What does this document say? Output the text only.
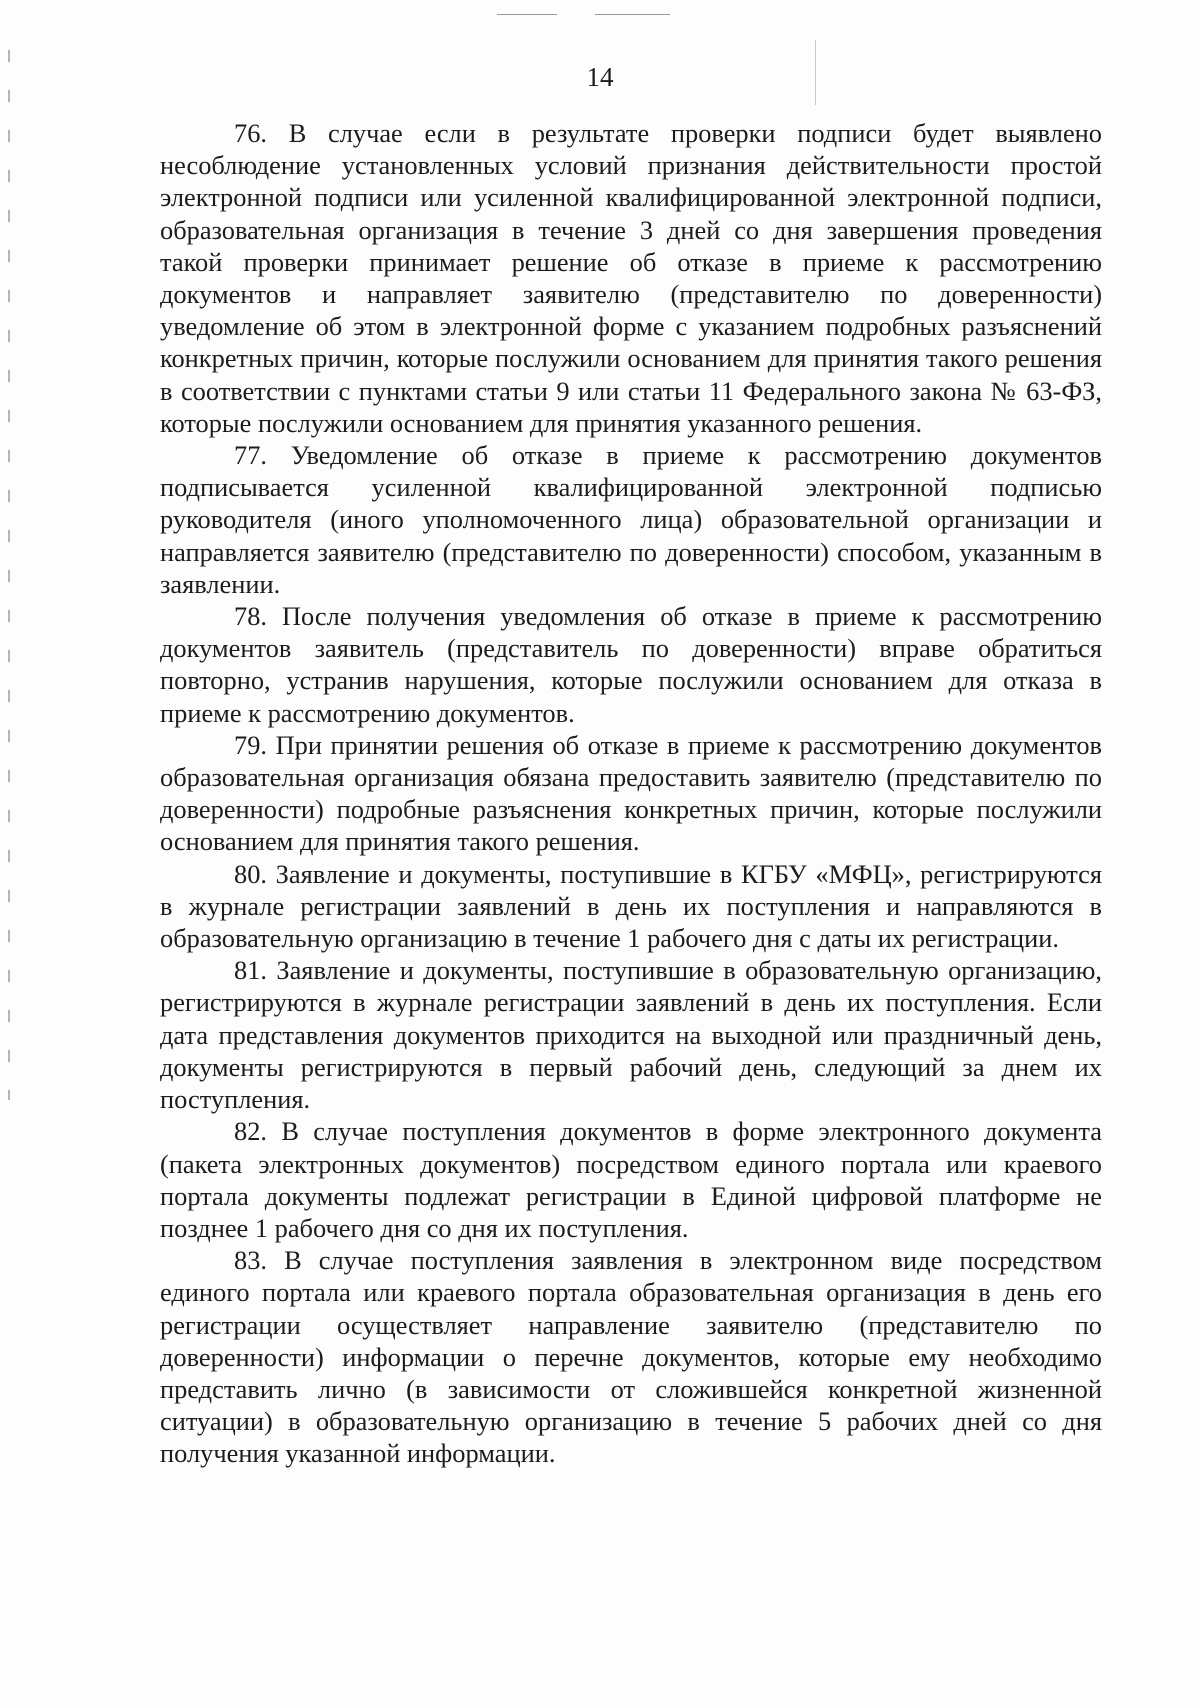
14

76. В случае если в результате проверки подписи будет выявлено несоблюдение установленных условий признания действительности простой электронной подписи или усиленной квалифицированной электронной подписи, образовательная организация в течение 3 дней со дня завершения проведения такой проверки принимает решение об отказе в приеме к рассмотрению документов и направляет заявителю (представителю по доверенности) уведомление об этом в электронной форме с указанием подробных разъяснений конкретных причин, которые послужили основанием для принятия такого решения в соответствии с пунктами статьи 9 или статьи 11 Федерального закона № 63-ФЗ, которые послужили основанием для принятия указанного решения.

77. Уведомление об отказе в приеме к рассмотрению документов подписывается усиленной квалифицированной электронной подписью руководителя (иного уполномоченного лица) образовательной организации и направляется заявителю (представителю по доверенности) способом, указанным в заявлении.

78. После получения уведомления об отказе в приеме к рассмотрению документов заявитель (представитель по доверенности) вправе обратиться повторно, устранив нарушения, которые послужили основанием для отказа в приеме к рассмотрению документов.

79. При принятии решения об отказе в приеме к рассмотрению документов образовательная организация обязана предоставить заявителю (представителю по доверенности) подробные разъяснения конкретных причин, которые послужили основанием для принятия такого решения.

80. Заявление и документы, поступившие в КГБУ «МФЦ», регистрируются в журнале регистрации заявлений в день их поступления и направляются в образовательную организацию в течение 1 рабочего дня с даты их регистрации.

81. Заявление и документы, поступившие в образовательную организацию, регистрируются в журнале регистрации заявлений в день их поступления. Если дата представления документов приходится на выходной или праздничный день, документы регистрируются в первый рабочий день, следующий за днем их поступления.

82. В случае поступления документов в форме электронного документа (пакета электронных документов) посредством единого портала или краевого портала документы подлежат регистрации в Единой цифровой платформе не позднее 1 рабочего дня со дня их поступления.

83. В случае поступления заявления в электронном виде посредством единого портала или краевого портала образовательная организация в день его регистрации осуществляет направление заявителю (представителю по доверенности) информации о перечне документов, которые ему необходимо представить лично (в зависимости от сложившейся конкретной жизненной ситуации) в образовательную организацию в течение 5 рабочих дней со дня получения указанной информации.
